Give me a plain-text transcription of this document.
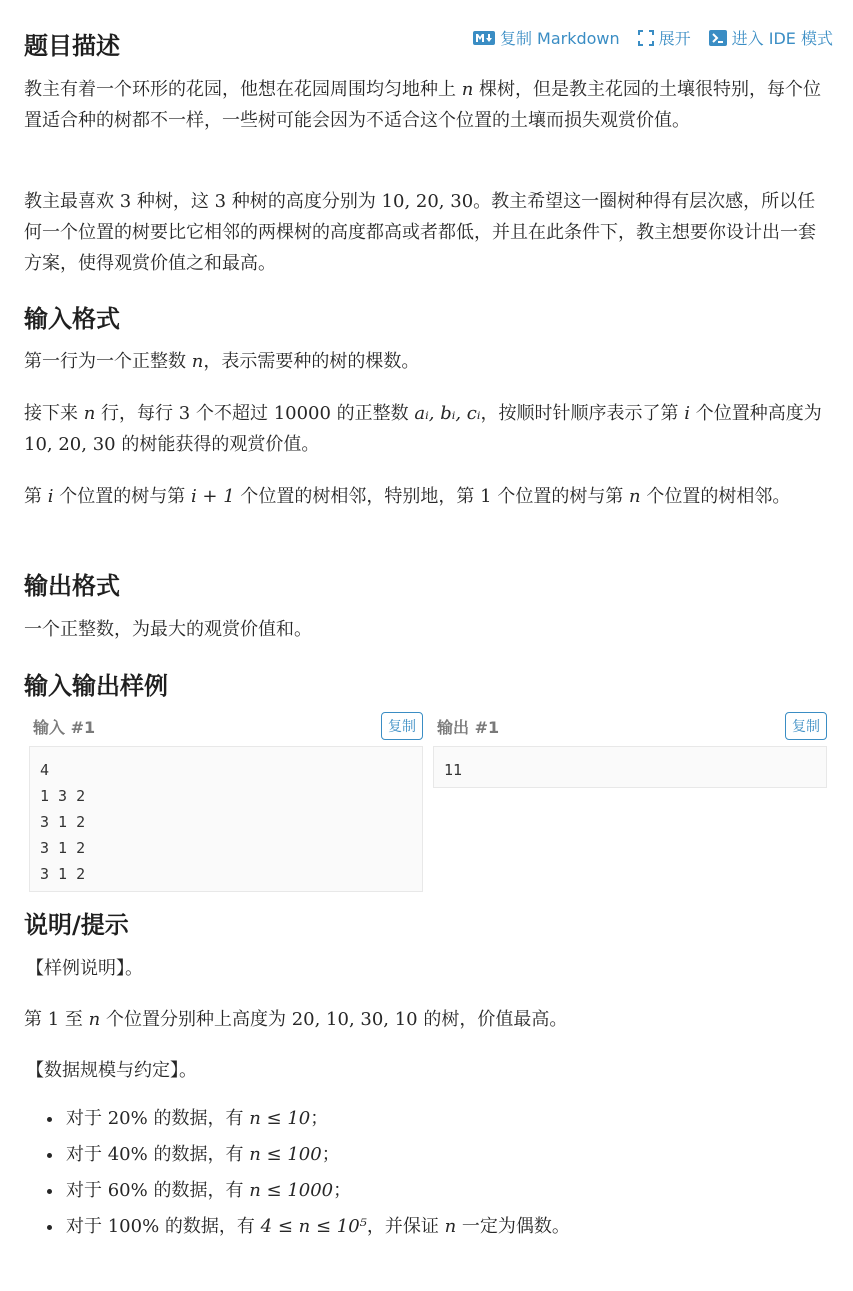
复制 Markdown 展开	进入 IDE 模式
题目描述
教主有着一个环形的花园，他想在花园周围均匀地种上 n 棵树，但是教主花园的土壤很特别，每个位置适合种的树都不一样，一些树可能会因为不适合这个位置的土壤而损失观赏价值。
教主最喜欢 3 种树，这 3 种树的高度分别为 10, 20, 30。教主希望这一圈树种得有层次感，所以任何一个位置的树要比它相邻的两棵树的高度都高或者都低，并且在此条件下，教主想要你设计出一套方案，使得观赏价值之和最高。
输入格式
第一行为一个正整数 n，表示需要种的树的棵数。
接下来 n 行，每行 3 个不超过 10000 的正整数 aᵢ, bᵢ, cᵢ，按顺时针顺序表示了第 i 个位置种高度为 10, 20, 30 的树能获得的观赏价值。
第 i 个位置的树与第 i + 1 个位置的树相邻，特别地，第 1 个位置的树与第 n 个位置的树相邻。
输出格式
一个正整数，为最大的观赏价值和。
输入输出样例
输入 #1	复制
4
1 3 2
3 1 2
3 1 2
3 1 2
输出 #1	复制
11
说明/提示
【样例说明】。
第 1 至 n 个位置分别种上高度为 20, 10, 30, 10 的树，价值最高。
【数据规模与约定】。
• 对于 20% 的数据，有 n ≤ 10；
• 对于 40% 的数据，有 n ≤ 100；
• 对于 60% 的数据，有 n ≤ 1000；
• 对于 100% 的数据，有 4 ≤ n ≤ 10⁵，并保证 n 一定为偶数。
